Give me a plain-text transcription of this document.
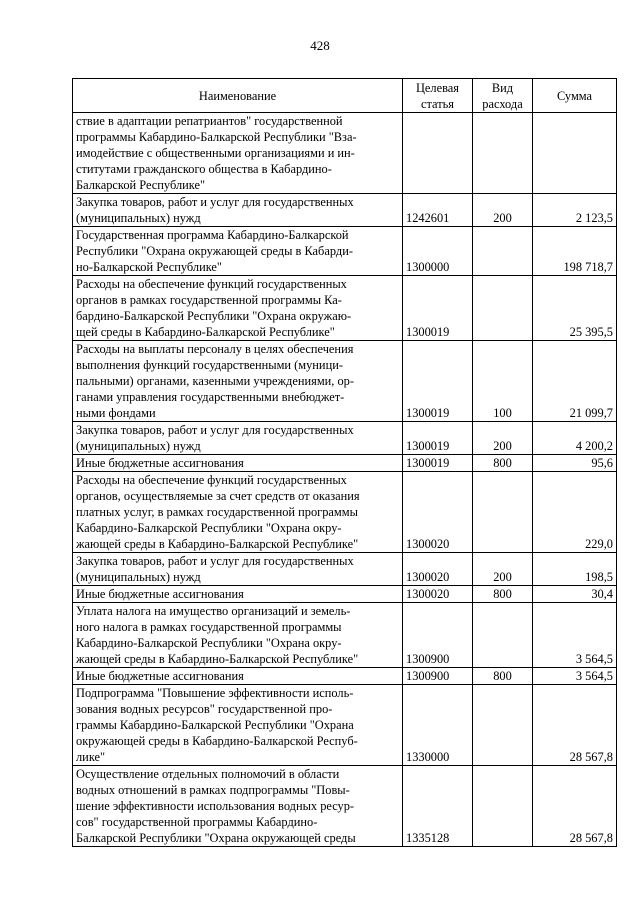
428
Наименование	Целевая статья	Вид расхода	Сумма

ствие в адаптации репатриантов" государственной
программы Кабардино-Балкарской Республики "Вза-
имодействие с общественными организациями и ин-
ститутами гражданского общества в Кабардино-
Балкарской Республике"			

Закупка товаров, работ и услуг для государственных
(муниципальных) нужд	1242601	200	2 123,5

Государственная программа Кабардино-Балкарской
Республики "Охрана окружающей среды в Кабарди-
но-Балкарской Республике"	1300000		198 718,7

Расходы на обеспечение функций государственных
органов в рамках государственной программы Ка-
бардино-Балкарской Республики "Охрана окружаю-
щей среды в Кабардино-Балкарской Республике"	1300019		25 395,5

Расходы на выплаты персоналу в целях обеспечения
выполнения функций государственными (муници-
пальными) органами, казенными учреждениями, ор-
ганами управления государственными внебюджет-
ными фондами	1300019	100	21 099,7

Закупка товаров, работ и услуг для государственных
(муниципальных) нужд	1300019	200	4 200,2

Иные бюджетные ассигнования	1300019	800	95,6

Расходы на обеспечение функций государственных
органов, осуществляемые за счет средств от оказания
платных услуг, в рамках государственной программы
Кабардино-Балкарской Республики "Охрана окру-
жающей среды в Кабардино-Балкарской Республике"	1300020		229,0

Закупка товаров, работ и услуг для государственных
(муниципальных) нужд	1300020	200	198,5

Иные бюджетные ассигнования	1300020	800	30,4

Уплата налога на имущество организаций и земель-
ного налога в рамках государственной программы
Кабардино-Балкарской Республики "Охрана окру-
жающей среды в Кабардино-Балкарской Республике"	1300900		3 564,5

Иные бюджетные ассигнования	1300900	800	3 564,5

Подпрограмма "Повышение эффективности исполь-
зования водных ресурсов" государственной про-
граммы Кабардино-Балкарской Республики "Охрана
окружающей среды в Кабардино-Балкарской Респуб-
лике"	1330000		28 567,8

Осуществление отдельных полномочий в области
водных отношений в рамках подпрограммы "Повы-
шение эффективности использования водных ресур-
сов" государственной программы Кабардино-
Балкарской Республики "Охрана окружающей среды	1335128		28 567,8
